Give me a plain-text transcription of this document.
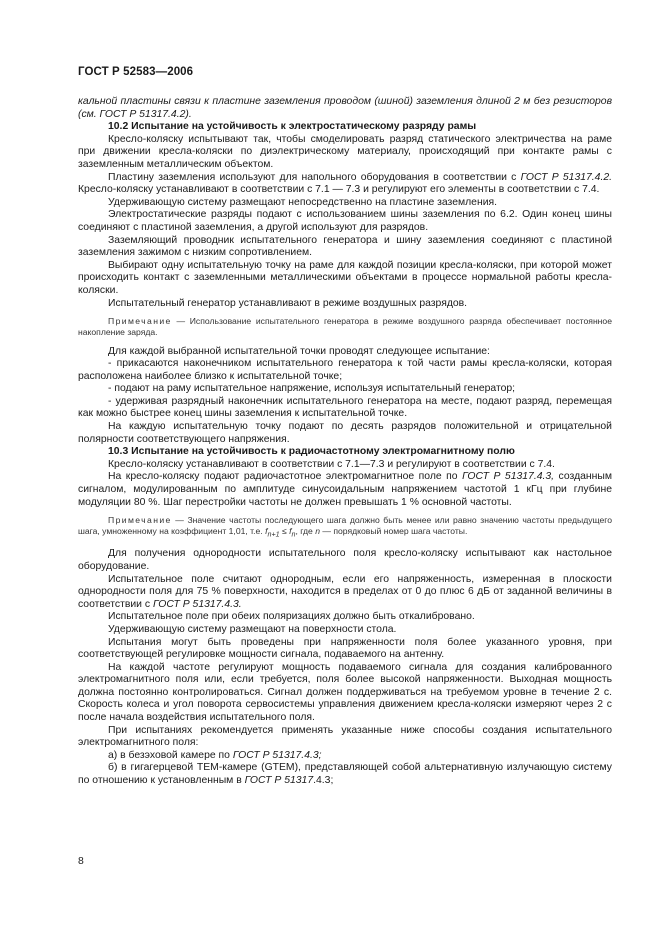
ГОСТ Р 52583—2006

кальной пластины связи к пластине заземления проводом (шиной) заземления длиной 2 м без резисторов (см. ГОСТ Р 51317.4.2).

10.2 Испытание на устойчивость к электростатическому разряду рамы

Кресло-коляску испытывают так, чтобы смоделировать разряд статического электричества на раме при движении кресла-коляски по диэлектрическому материалу, происходящий при контакте рамы с заземленным металлическим объектом.

Пластину заземления используют для напольного оборудования в соответствии с ГОСТ Р 51317.4.2. Кресло-коляску устанавливают в соответствии с 7.1 — 7.3 и регулируют его элементы в соответствии с 7.4.

Удерживающую систему размещают непосредственно на пластине заземления.

Электростатические разряды подают с использованием шины заземления по 6.2. Один конец шины соединяют с пластиной заземления, а другой используют для разрядов.

Заземляющий проводник испытательного генератора и шину заземления соединяют с пластиной заземления зажимом с низким сопротивлением.

Выбирают одну испытательную точку на раме для каждой позиции кресла-коляски, при которой может происходить контакт с заземленными металлическими объектами в процессе нормальной работы кресла-коляски.

Испытательный генератор устанавливают в режиме воздушных разрядов.

Примечание — Использование испытательного генератора в режиме воздушного разряда обеспечивает постоянное накопление заряда.

Для каждой выбранной испытательной точки проводят следующее испытание:

- прикасаются наконечником испытательного генератора к той части рамы кресла-коляски, которая расположена наиболее близко к испытательной точке;

- подают на раму испытательное напряжение, используя испытательный генератор;

- удерживая разрядный наконечник испытательного генератора на месте, подают разряд, перемещая как можно быстрее конец шины заземления к испытательной точке.

На каждую испытательную точку подают по десять разрядов положительной и отрицательной полярности соответствующего напряжения.

10.3 Испытание на устойчивость к радиочастотному электромагнитному полю

Кресло-коляску устанавливают в соответствии с 7.1—7.3 и регулируют в соответствии с 7.4.

На кресло-коляску подают радиочастотное электромагнитное поле по ГОСТ Р 51317.4.3, созданным сигналом, модулированным по амплитуде синусоидальным напряжением частотой 1 кГц при глубине модуляции 80 %. Шаг перестройки частоты не должен превышать 1 % основной частоты.

Примечание — Значение частоты последующего шага должно быть менее или равно значению частоты предыдущего шага, умноженному на коэффициент 1,01, т.е. $f_{n+1} \le f_n$, где n — порядковый номер шага частоты.

Для получения однородности испытательного поля кресло-коляску испытывают как настольное оборудование.

Испытательное поле считают однородным, если его напряженность, измеренная в плоскости однородности поля для 75 % поверхности, находится в пределах от 0 до плюс 6 дБ от заданной величины в соответствии с ГОСТ Р 51317.4.3.

Испытательное поле при обеих поляризациях должно быть откалибровано.

Удерживающую систему размещают на поверхности стола.

Испытания могут быть проведены при напряженности поля более указанного уровня, при соответствующей регулировке мощности сигнала, подаваемого на антенну.

На каждой частоте регулируют мощность подаваемого сигнала для создания калиброванного электромагнитного поля или, если требуется, поля более высокой напряженности. Выходная мощность должна постоянно контролироваться. Сигнал должен поддерживаться на требуемом уровне в течение 2 с. Скорость колеса и угол поворота сервосистемы управления движением кресла-коляски измеряют через 2 с после начала воздействия испытательного поля.

При испытаниях рекомендуется применять указанные ниже способы создания испытательного электромагнитного поля:

а) в безэховой камере по ГОСТ Р 51317.4.3;

б) в гигагерцевой ТЕМ-камере (GTEM), представляющей собой альтернативную излучающую систему по отношению к установленным в ГОСТ Р 51317.4.3;

8
